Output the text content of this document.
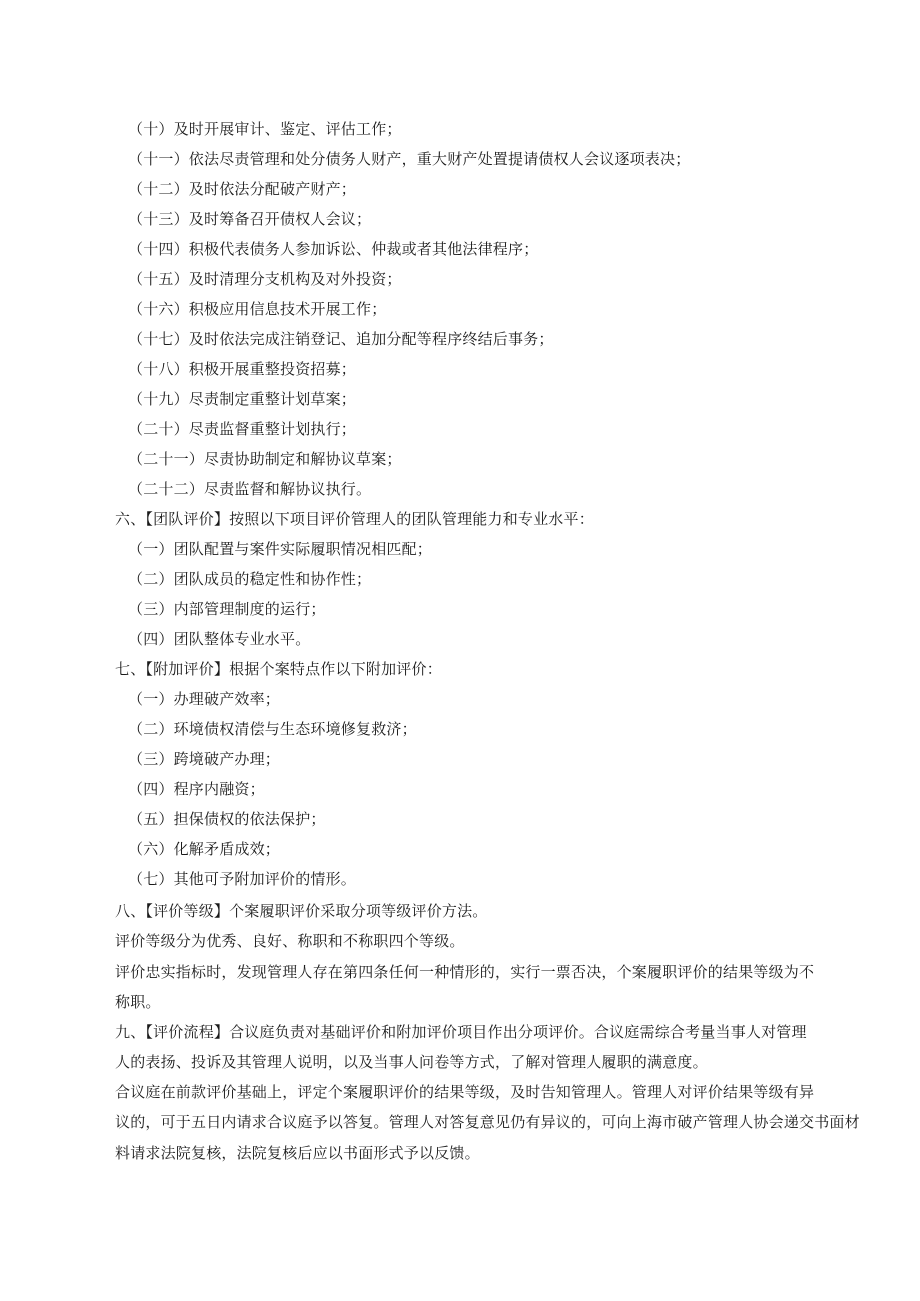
（十）及时开展审计、鉴定、评估工作；
（十一）依法尽责管理和处分债务人财产，重大财产处置提请债权人会议逐项表决；
（十二）及时依法分配破产财产；
（十三）及时筹备召开债权人会议；
（十四）积极代表债务人参加诉讼、仲裁或者其他法律程序；
（十五）及时清理分支机构及对外投资；
（十六）积极应用信息技术开展工作；
（十七）及时依法完成注销登记、追加分配等程序终结后事务；
（十八）积极开展重整投资招募；
（十九）尽责制定重整计划草案；
（二十）尽责监督重整计划执行；
（二十一）尽责协助制定和解协议草案；
（二十二）尽责监督和解协议执行。
六、【团队评价】按照以下项目评价管理人的团队管理能力和专业水平：
（一）团队配置与案件实际履职情况相匹配；
（二）团队成员的稳定性和协作性；
（三）内部管理制度的运行；
（四）团队整体专业水平。
七、【附加评价】根据个案特点作以下附加评价：
（一）办理破产效率；
（二）环境债权清偿与生态环境修复救济；
（三）跨境破产办理；
（四）程序内融资；
（五）担保债权的依法保护；
（六）化解矛盾成效；
（七）其他可予附加评价的情形。
八、【评价等级】个案履职评价采取分项等级评价方法。
评价等级分为优秀、良好、称职和不称职四个等级。
评价忠实指标时，发现管理人存在第四条任何一种情形的，实行一票否决，个案履职评价的结果等级为不
称职。
九、【评价流程】合议庭负责对基础评价和附加评价项目作出分项评价。合议庭需综合考量当事人对管理
人的表扬、投诉及其管理人说明，以及当事人问卷等方式，了解对管理人履职的满意度。
合议庭在前款评价基础上，评定个案履职评价的结果等级，及时告知管理人。管理人对评价结果等级有异
议的，可于五日内请求合议庭予以答复。管理人对答复意见仍有异议的，可向上海市破产管理人协会递交书面材
料请求法院复核，法院复核后应以书面形式予以反馈。
